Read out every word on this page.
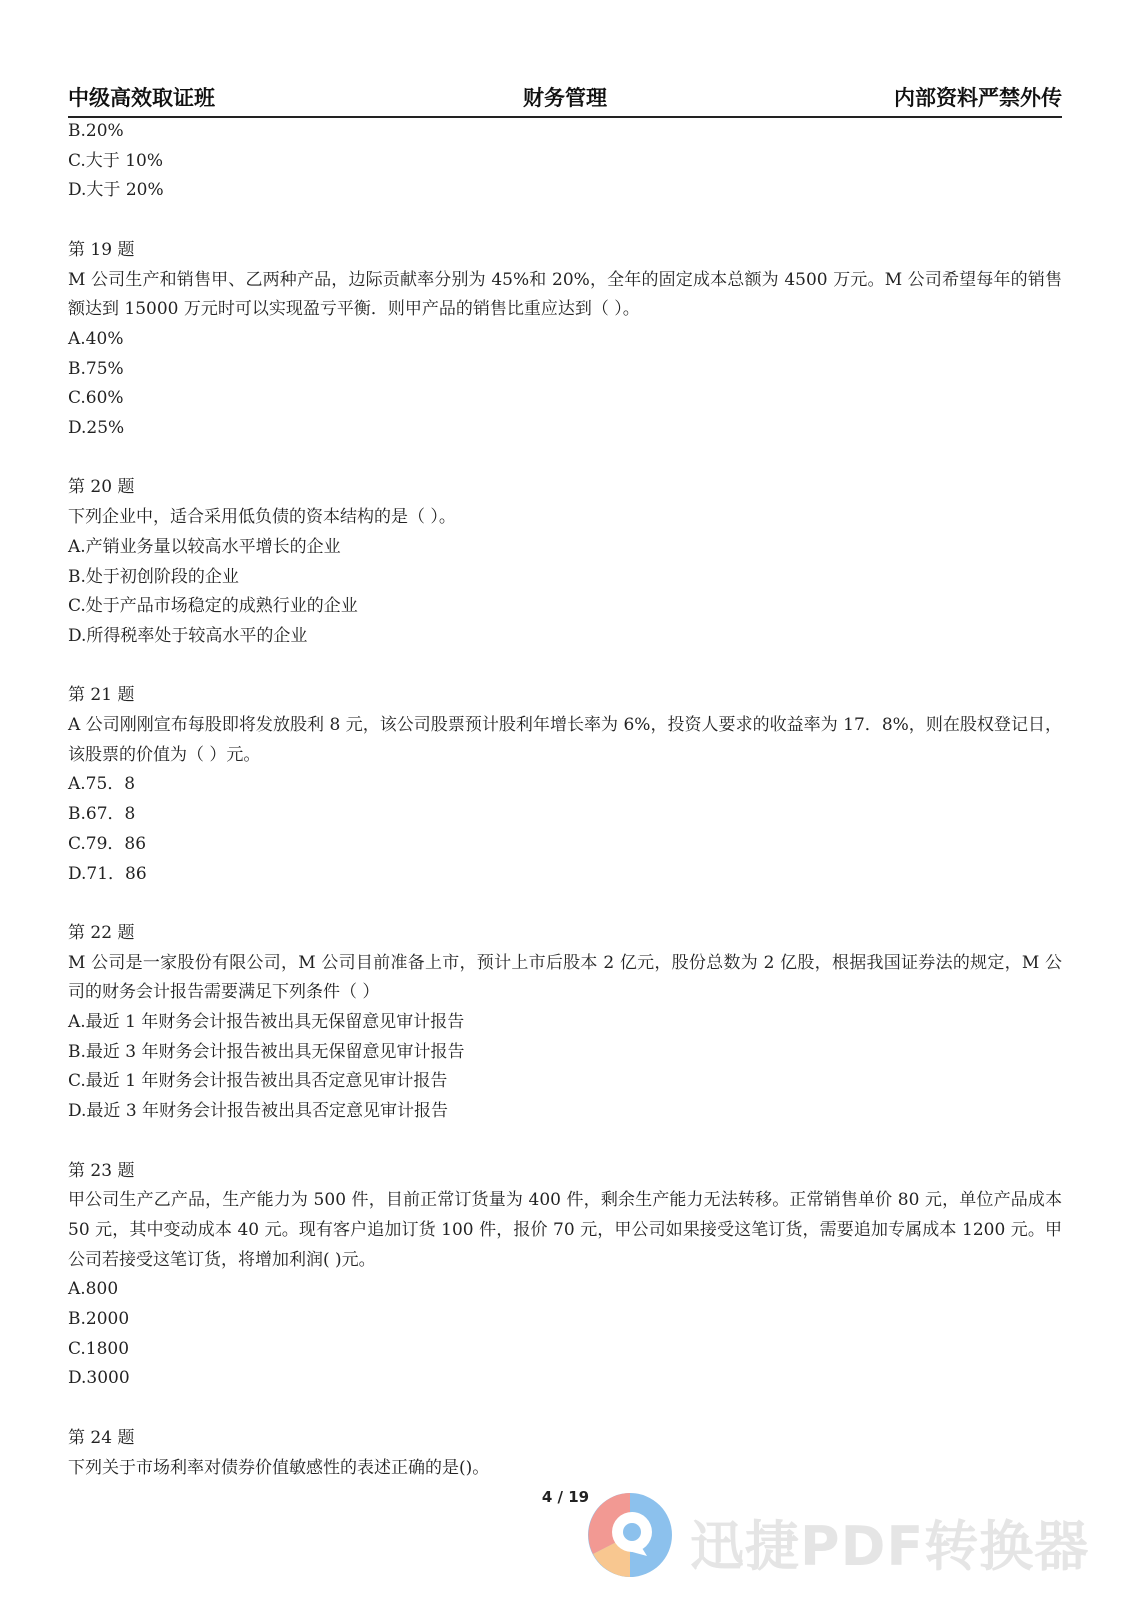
中级高效取证班	财务管理	内部资料严禁外传

B.20%

C.大于 10%

D.大于 20%

第 19 题

M 公司生产和销售甲、乙两种产品，边际贡献率分别为 45%和 20%，全年的固定成本总额为 4500 万元。M 公司希望每年的销售额达到 15000 万元时可以实现盈亏平衡．则甲产品的销售比重应达到（ ）。

A.40%

B.75%

C.60%

D.25%

第 20 题

下列企业中，适合采用低负债的资本结构的是（ ）。

A.产销业务量以较高水平增长的企业

B.处于初创阶段的企业

C.处于产品市场稳定的成熟行业的企业

D.所得税率处于较高水平的企业

第 21 题

A 公司刚刚宣布每股即将发放股利 8 元，该公司股票预计股利年增长率为 6%，投资人要求的收益率为 17．8%，则在股权登记日，该股票的价值为（ ）元。

A.75．8

B.67．8

C.79．86

D.71．86

第 22 题

M 公司是一家股份有限公司，M 公司目前准备上市，预计上市后股本 2 亿元，股份总数为 2 亿股，根据我国证券法的规定，M 公司的财务会计报告需要满足下列条件（ ）

A.最近 1 年财务会计报告被出具无保留意见审计报告

B.最近 3 年财务会计报告被出具无保留意见审计报告

C.最近 1 年财务会计报告被出具否定意见审计报告

D.最近 3 年财务会计报告被出具否定意见审计报告

第 23 题

甲公司生产乙产品，生产能力为 500 件，目前正常订货量为 400 件，剩余生产能力无法转移。正常销售单价 80 元，单位产品成本 50 元，其中变动成本 40 元。现有客户追加订货 100 件，报价 70 元，甲公司如果接受这笔订货，需要追加专属成本 1200 元。甲公司若接受这笔订货，将增加利润( )元。

A.800

B.2000

C.1800

D.3000

第 24 题

下列关于市场利率对债券价值敏感性的表述正确的是()。

4 / 19
迅捷PDF转换器
